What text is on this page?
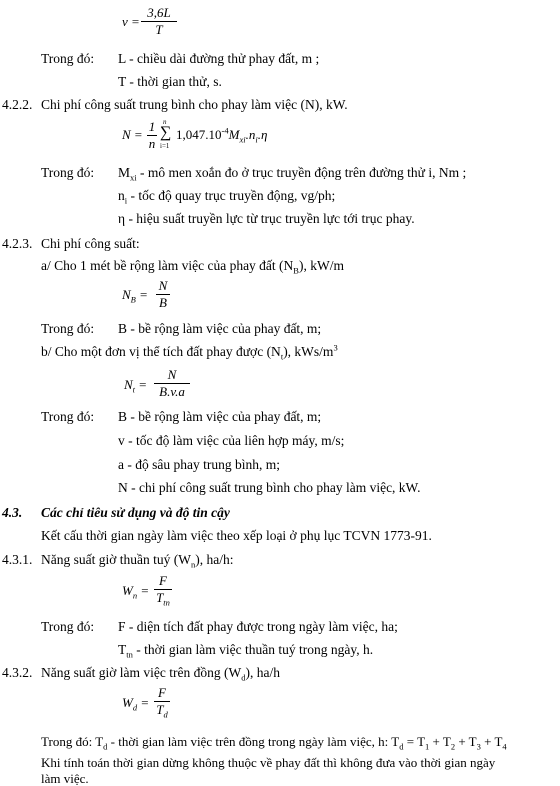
v =
3,6L
T
Trong đó: L - chiều dài đường thử phay đất, m ;
T - thời gian thử, s.
4.2.2. Chi phí công suất trung bình cho phay làm việc (N), kW.
N =
1
n
n
∑
i=1
$1,047.10^{-4}M_{xi}.n_i.\eta$
Trong đó: $M_{xi}$ - mô men xoắn đo ở trục truyền động trên đường thử i, Nm ;
$n_i$ - tốc độ quay trục truyền động, vg/ph;
η - hiệu suất truyền lực từ trục truyền lực tới trục phay.
4.2.3. Chi phí công suất:
a/ Cho 1 mét bề rộng làm việc của phay đất $(N_B)$, kW/m
$N_B$ =
N
B
Trong đó: B - bề rộng làm việc của phay đất, m;
b/ Cho một đơn vị thể tích đất phay được $(N_t)$, kWs/$m^3$
$N_t$ =
N
B.v.a
Trong đó: B - bề rộng làm việc của phay đất, m;
v - tốc độ làm việc của liên hợp máy, m/s;
a - độ sâu phay trung bình, m;
N - chi phí công suất trung bình cho phay làm việc, kW.
4.3. Các chỉ tiêu sử dụng và độ tin cậy
Kết cấu thời gian ngày làm việc theo xếp loại ở phụ lục TCVN 1773-91.
4.3.1. Năng suất giờ thuần tuý $(W_n)$, ha/h:
$W_n$ =
F
$T_{tn}$
Trong đó: F - diện tích đất phay được trong ngày làm việc, ha;
$T_{tn}$ - thời gian làm việc thuần tuý trong ngày, h.
4.3.2. Năng suất giờ làm việc trên đồng $(W_d)$, ha/h
$W_d$ =
F
$T_d$
Trong đó: $T_d$ - thời gian làm việc trên đồng trong ngày làm việc, h: $T_d = T_1 + T_2 + T_3 + T_4$
Khi tính toán thời gian dừng không thuộc về phay đất thì không đưa vào thời gian ngày
làm việc.
